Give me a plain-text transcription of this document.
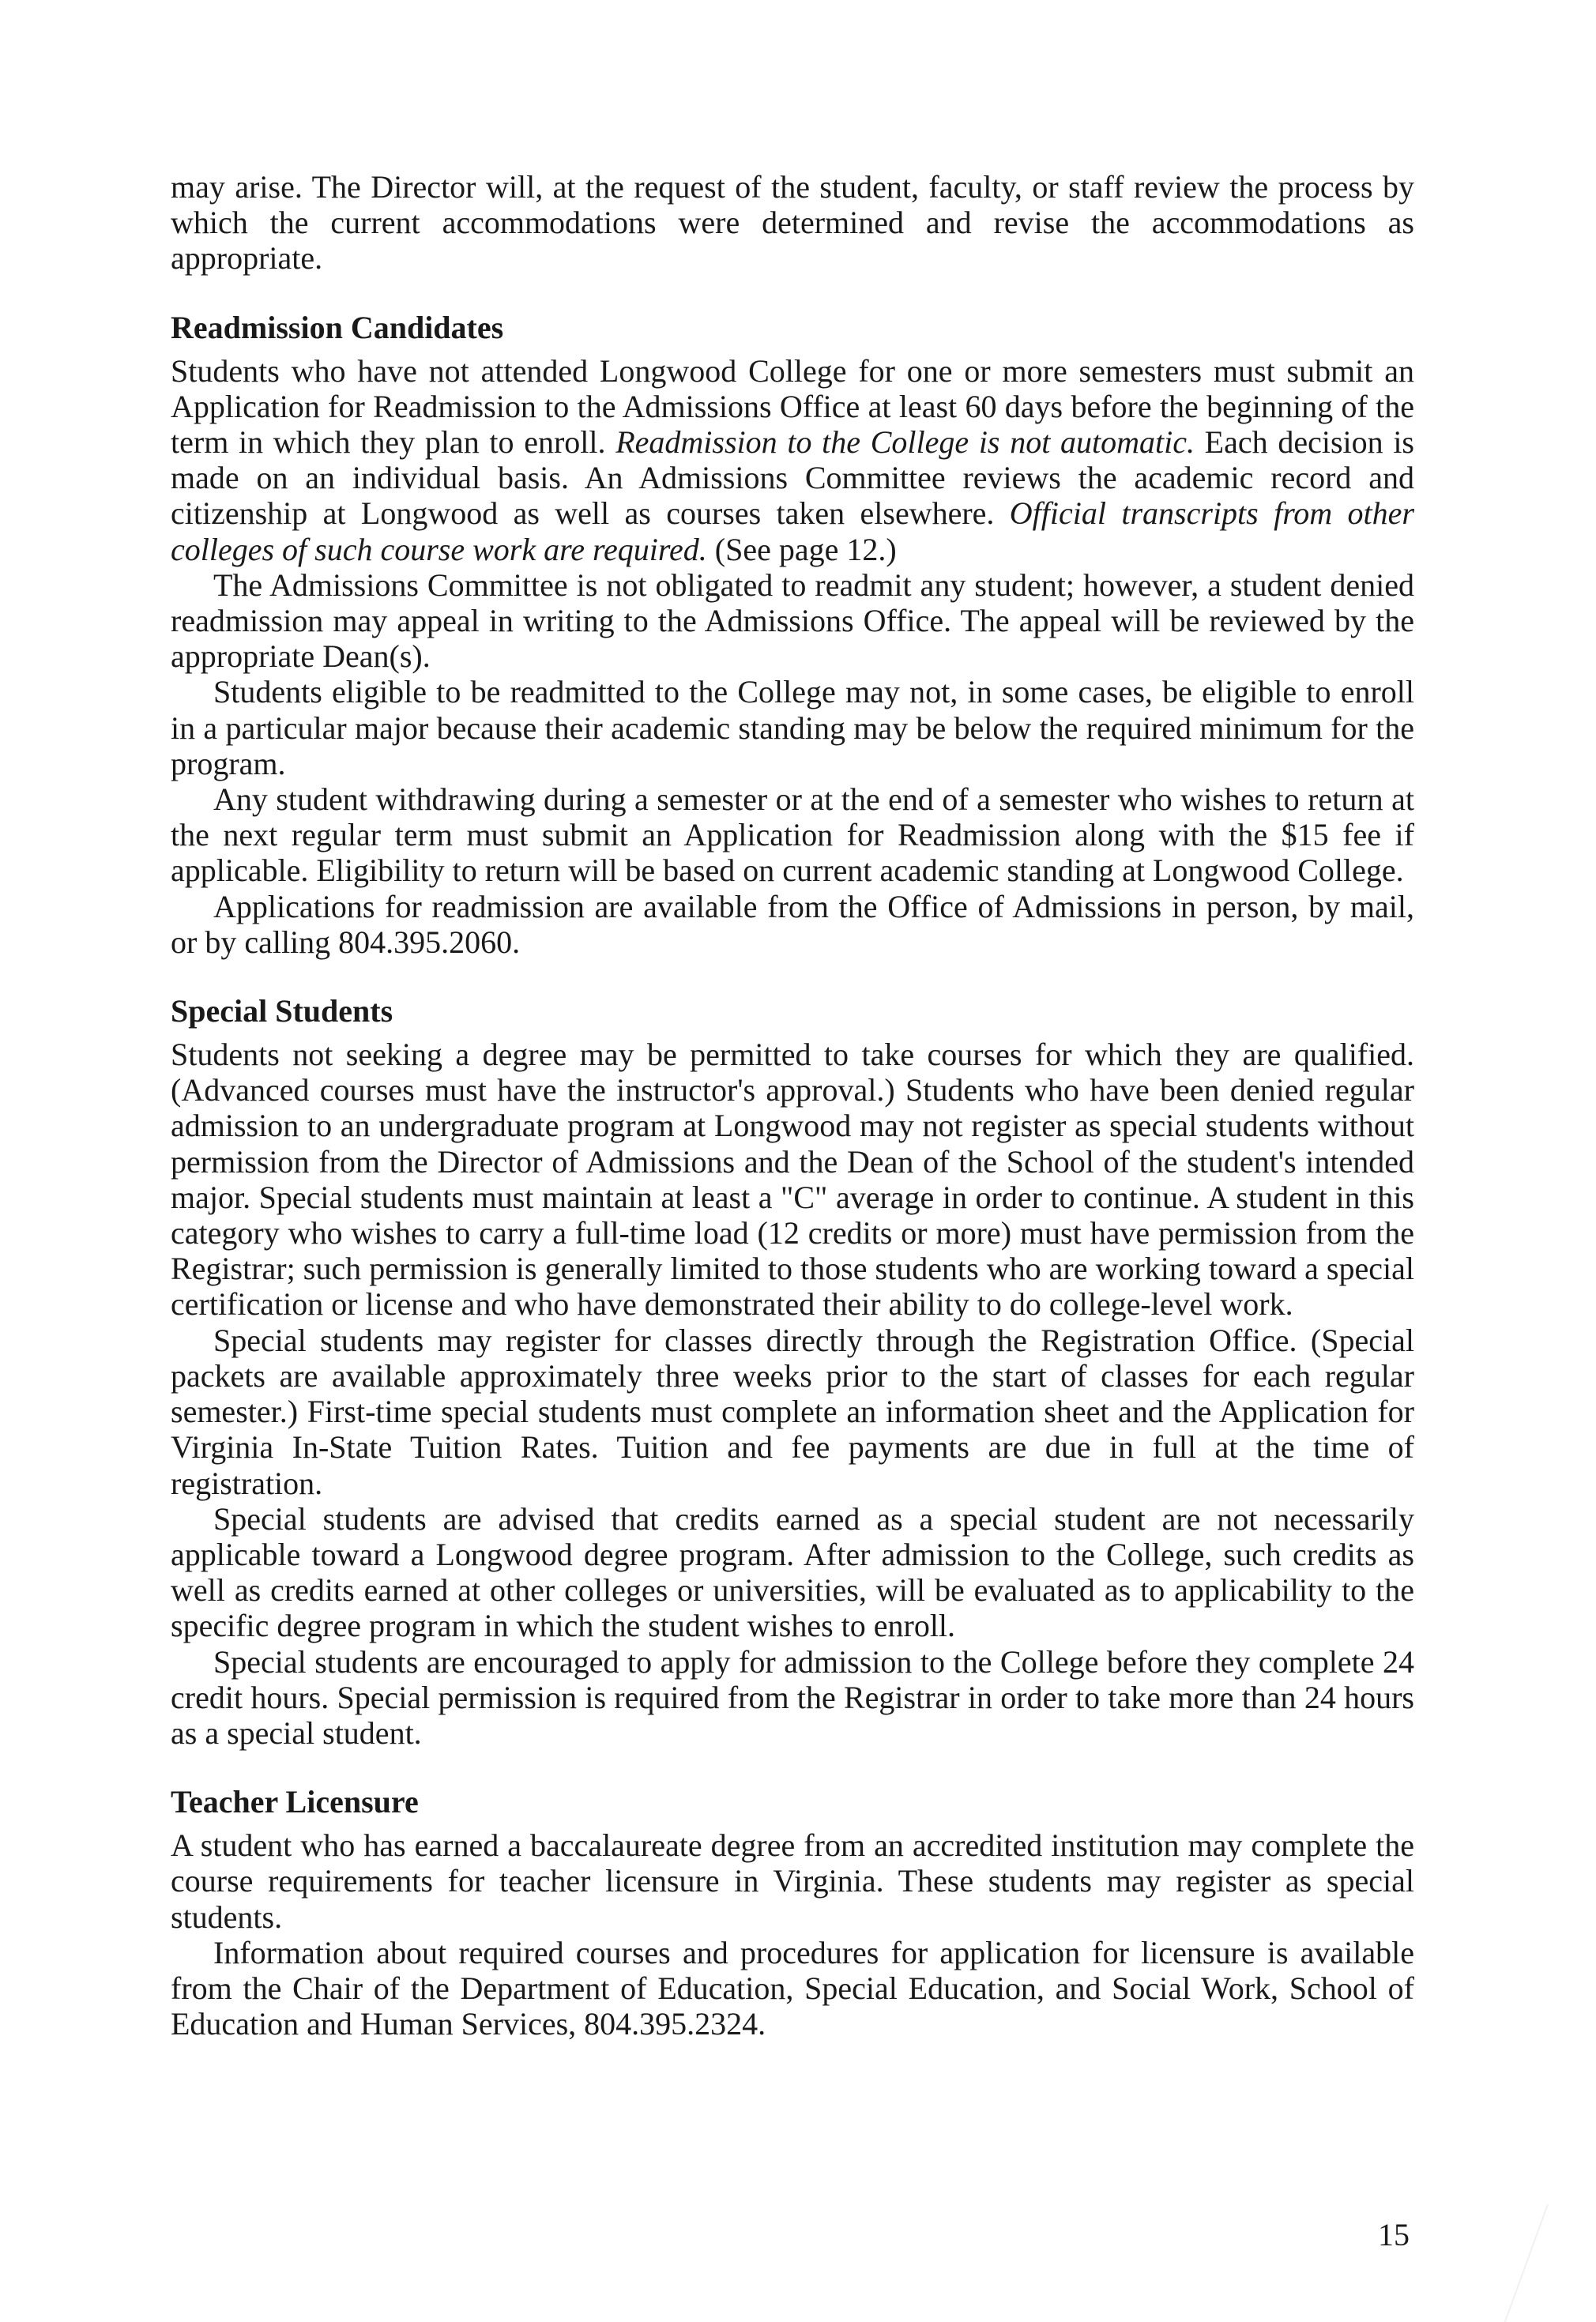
may arise. The Director will, at the request of the student, faculty, or staff review the process by which the current accommodations were determined and revise the accommodations as appropriate.

Readmission Candidates

Students who have not attended Longwood College for one or more semesters must submit an Application for Readmission to the Admissions Office at least 60 days before the beginning of the term in which they plan to enroll. Readmission to the College is not automatic. Each decision is made on an individual basis. An Admissions Committee reviews the academic record and citizenship at Longwood as well as courses taken elsewhere. Official transcripts from other colleges of such course work are required. (See page 12.)

The Admissions Committee is not obligated to readmit any student; however, a student denied readmission may appeal in writing to the Admissions Office. The appeal will be reviewed by the appropriate Dean(s).

Students eligible to be readmitted to the College may not, in some cases, be eligible to enroll in a particular major because their academic standing may be below the required minimum for the program.

Any student withdrawing during a semester or at the end of a semester who wishes to return at the next regular term must submit an Application for Readmission along with the $15 fee if applicable. Eligibility to return will be based on current academic standing at Longwood College.

Applications for readmission are available from the Office of Admissions in person, by mail, or by calling 804.395.2060.

Special Students

Students not seeking a degree may be permitted to take courses for which they are qualified. (Advanced courses must have the instructor's approval.) Students who have been denied regular admission to an undergraduate program at Longwood may not register as special students without permission from the Director of Admissions and the Dean of the School of the student's intended major. Special students must maintain at least a "C" average in order to continue. A student in this category who wishes to carry a full-time load (12 credits or more) must have permission from the Registrar; such permission is generally limited to those students who are working toward a special certification or license and who have demonstrated their ability to do college-level work.

Special students may register for classes directly through the Registration Office. (Special packets are available approximately three weeks prior to the start of classes for each regular semester.) First-time special students must complete an information sheet and the Application for Virginia In-State Tuition Rates. Tuition and fee payments are due in full at the time of registration.

Special students are advised that credits earned as a special student are not necessarily applicable toward a Longwood degree program. After admission to the College, such credits as well as credits earned at other colleges or universities, will be evaluated as to applicability to the specific degree program in which the student wishes to enroll.

Special students are encouraged to apply for admission to the College before they complete 24 credit hours. Special permission is required from the Registrar in order to take more than 24 hours as a special student.

Teacher Licensure

A student who has earned a baccalaureate degree from an accredited institution may complete the course requirements for teacher licensure in Virginia. These students may register as special students.

Information about required courses and procedures for application for licensure is available from the Chair of the Department of Education, Special Education, and Social Work, School of Education and Human Services, 804.395.2324.

15
